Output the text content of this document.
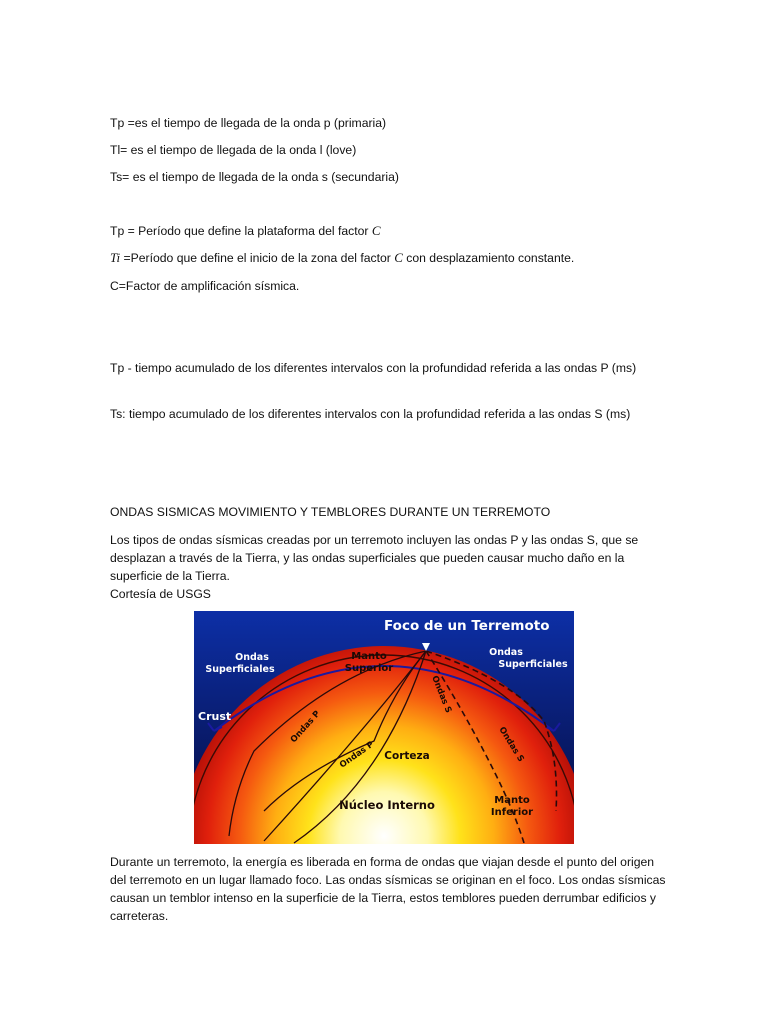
Tp =es el tiempo de llegada de la onda p (primaria)

Tl= es el tiempo de llegada de la onda l (love)

Ts= es el tiempo de llegada de la onda s (secundaria)

Tp = Período que define la plataforma del factor C

Ti =Período que define el inicio de la zona del factor C con desplazamiento constante.

C=Factor de amplificación sísmica.

Tp - tiempo acumulado de los diferentes intervalos con la profundidad referida a las ondas P (ms)

Ts: tiempo acumulado de los diferentes intervalos con la profundidad referida a las ondas S (ms)

ONDAS SISMICAS MOVIMIENTO Y TEMBLORES DURANTE UN TERREMOTO

Los tipos de ondas sísmicas creadas por un terremoto incluyen las ondas P y las ondas S, que se desplazan a través de la Tierra, y las ondas superficiales que pueden causar mucho daño en la superficie de la Tierra.

Cortesía de USGS

Foco de un Terremoto
Ondas
Superficiales
Ondas
Superficiales
Manto
Superior
Crust	Ondas P
Ondas P
Ondas S
Ondas S
Corteza
Núcleo Interno	Manto
Inferior

Durante un terremoto, la energía es liberada en forma de ondas que viajan desde el punto del origen del terremoto en un lugar llamado foco. Las ondas sísmicas se originan en el foco. Los ondas sísmicas causan un temblor intenso en la superficie de la Tierra, estos temblores pueden derrumbar edificios y carreteras.
